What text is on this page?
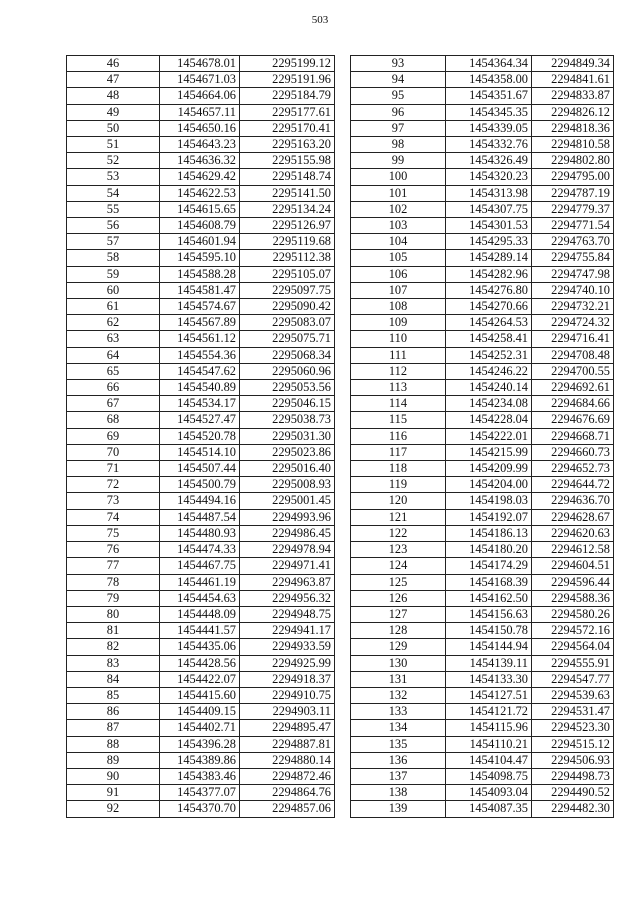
503
46	1454678.01	2295199.12
47	1454671.03	2295191.96
48	1454664.06	2295184.79
49	1454657.11	2295177.61
50	1454650.16	2295170.41
51	1454643.23	2295163.20
52	1454636.32	2295155.98
53	1454629.42	2295148.74
54	1454622.53	2295141.50
55	1454615.65	2295134.24
56	1454608.79	2295126.97
57	1454601.94	2295119.68
58	1454595.10	2295112.38
59	1454588.28	2295105.07
60	1454581.47	2295097.75
61	1454574.67	2295090.42
62	1454567.89	2295083.07
63	1454561.12	2295075.71
64	1454554.36	2295068.34
65	1454547.62	2295060.96
66	1454540.89	2295053.56
67	1454534.17	2295046.15
68	1454527.47	2295038.73
69	1454520.78	2295031.30
70	1454514.10	2295023.86
71	1454507.44	2295016.40
72	1454500.79	2295008.93
73	1454494.16	2295001.45
74	1454487.54	2294993.96
75	1454480.93	2294986.45
76	1454474.33	2294978.94
77	1454467.75	2294971.41
78	1454461.19	2294963.87
79	1454454.63	2294956.32
80	1454448.09	2294948.75
81	1454441.57	2294941.17
82	1454435.06	2294933.59
83	1454428.56	2294925.99
84	1454422.07	2294918.37
85	1454415.60	2294910.75
86	1454409.15	2294903.11
87	1454402.71	2294895.47
88	1454396.28	2294887.81
89	1454389.86	2294880.14
90	1454383.46	2294872.46
91	1454377.07	2294864.76
92	1454370.70	2294857.06
93	1454364.34	2294849.34
94	1454358.00	2294841.61
95	1454351.67	2294833.87
96	1454345.35	2294826.12
97	1454339.05	2294818.36
98	1454332.76	2294810.58
99	1454326.49	2294802.80
100	1454320.23	2294795.00
101	1454313.98	2294787.19
102	1454307.75	2294779.37
103	1454301.53	2294771.54
104	1454295.33	2294763.70
105	1454289.14	2294755.84
106	1454282.96	2294747.98
107	1454276.80	2294740.10
108	1454270.66	2294732.21
109	1454264.53	2294724.32
110	1454258.41	2294716.41
111	1454252.31	2294708.48
112	1454246.22	2294700.55
113	1454240.14	2294692.61
114	1454234.08	2294684.66
115	1454228.04	2294676.69
116	1454222.01	2294668.71
117	1454215.99	2294660.73
118	1454209.99	2294652.73
119	1454204.00	2294644.72
120	1454198.03	2294636.70
121	1454192.07	2294628.67
122	1454186.13	2294620.63
123	1454180.20	2294612.58
124	1454174.29	2294604.51
125	1454168.39	2294596.44
126	1454162.50	2294588.36
127	1454156.63	2294580.26
128	1454150.78	2294572.16
129	1454144.94	2294564.04
130	1454139.11	2294555.91
131	1454133.30	2294547.77
132	1454127.51	2294539.63
133	1454121.72	2294531.47
134	1454115.96	2294523.30
135	1454110.21	2294515.12
136	1454104.47	2294506.93
137	1454098.75	2294498.73
138	1454093.04	2294490.52
139	1454087.35	2294482.30
